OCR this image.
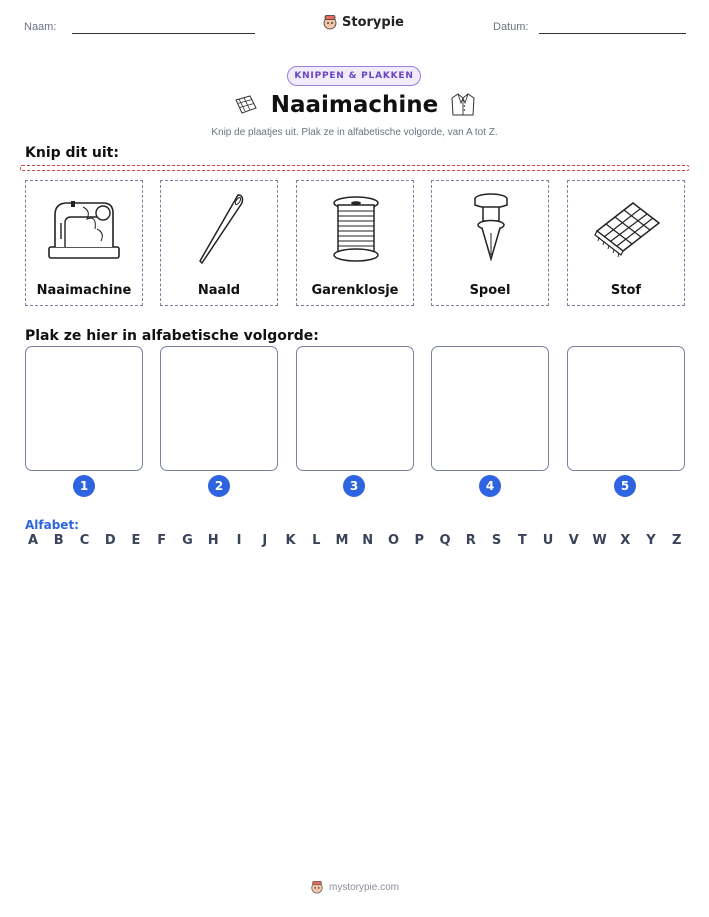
Naam:	Storypie	Datum:
KNIPPEN & PLAKKEN
Naaimachine
Knip de plaatjes uit. Plak ze in alfabetische volgorde, van A tot Z.
Knip dit uit:
Naaimachine	Naald	Garenklosje	Spoel	Stof
Plak ze hier in alfabetische volgorde:
1	2	3	4	5
Alfabet:
A B C D E F G H	I	J	K L M N O P Q R S T U V W X Y Z
mystorypie.com
